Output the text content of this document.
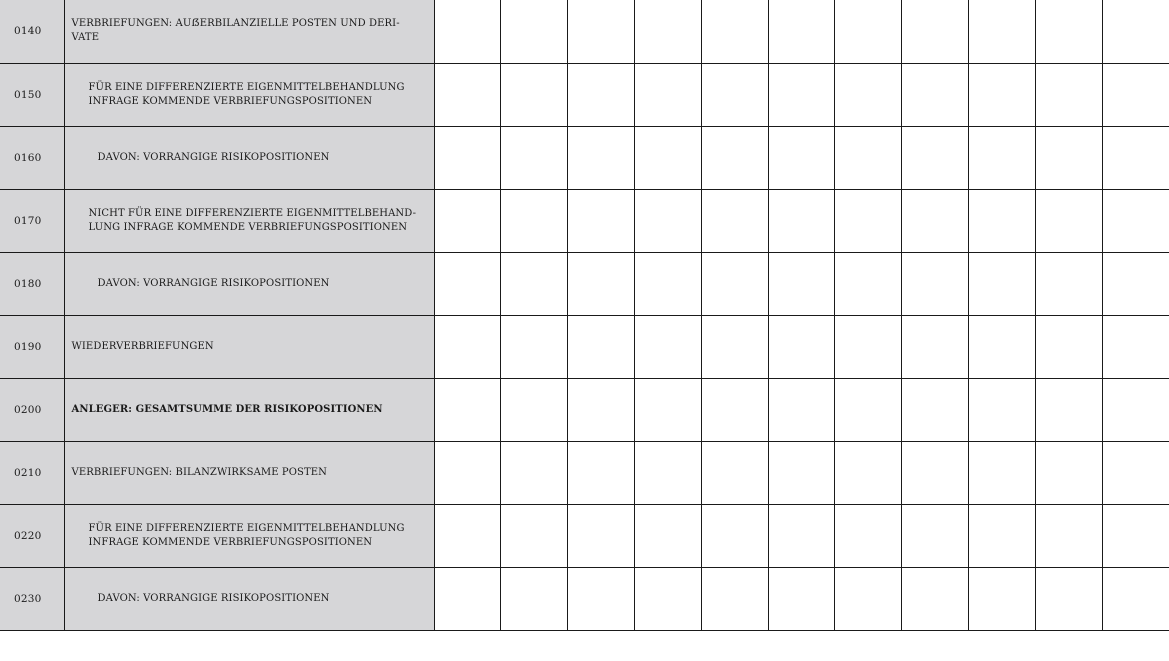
0140	VERBRIEFUNGEN: AUẞERBILANZIELLE POSTEN UND DERI-
VATE											

0150	FÜR EINE DIFFERENZIERTE EIGENMITTELBEHANDLUNG INFRAGE KOMMENDE VERBRIEFUNGSPOSITIONEN											

0160	DAVON: VORRANGIGE RISIKOPOSITIONEN											

0170	NICHT FÜR EINE DIFFERENZIERTE EIGENMITTELBEHAND-
LUNG INFRAGE KOMMENDE VERBRIEFUNGSPOSITIONEN											

0180	DAVON: VORRANGIGE RISIKOPOSITIONEN											

0190	WIEDERVERBRIEFUNGEN											

0200	ANLEGER: GESAMTSUMME DER RISIKOPOSITIONEN											

0210	VERBRIEFUNGEN: BILANZWIRKSAME POSTEN											

0220	FÜR EINE DIFFERENZIERTE EIGENMITTELBEHANDLUNG INFRAGE KOMMENDE VERBRIEFUNGSPOSITIONEN											

0230	DAVON: VORRANGIGE RISIKOPOSITIONEN											
